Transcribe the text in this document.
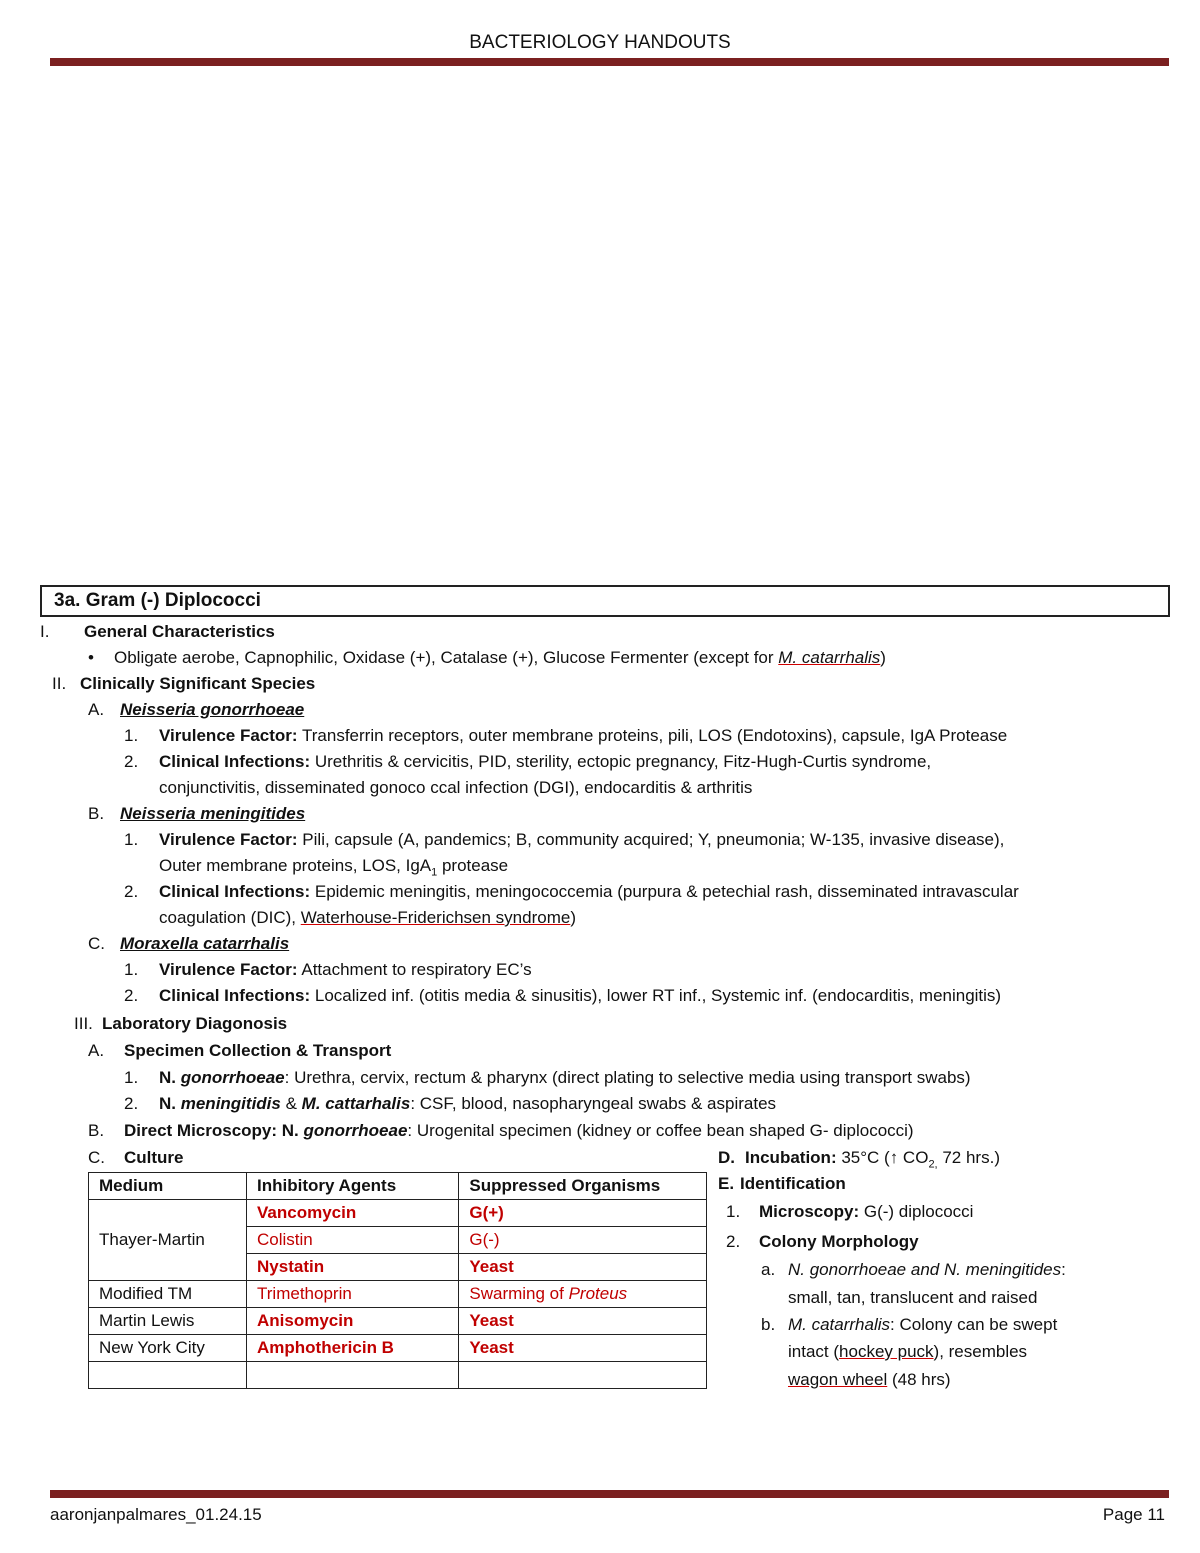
BACTERIOLOGY HANDOUTS
3a. Gram (-) Diplococci
I. General Characteristics
• Obligate aerobe, Capnophilic, Oxidase (+), Catalase (+), Glucose Fermenter (except for M. catarrhalis)
II. Clinically Significant Species
A. Neisseria gonorrhoeae
1. Virulence Factor: Transferrin receptors, outer membrane proteins, pili, LOS (Endotoxins), capsule, IgA Protease
2. Clinical Infections: Urethritis & cervicitis, PID, sterility, ectopic pregnancy, Fitz-Hugh-Curtis syndrome,
conjunctivitis, disseminated gonoco ccal infection (DGI), endocarditis & arthritis
B. Neisseria meningitides
1. Virulence Factor: Pili, capsule (A, pandemics; B, community acquired; Y, pneumonia; W-135, invasive disease),
Outer membrane proteins, LOS, IgA$_1$ protease
2. Clinical Infections: Epidemic meningitis, meningococcemia (purpura & petechial rash, disseminated intravascular
coagulation (DIC), Waterhouse-Friderichsen syndrome)
C. Moraxella catarrhalis
1. Virulence Factor: Attachment to respiratory EC’s
2. Clinical Infections: Localized inf. (otitis media & sinusitis), lower RT inf., Systemic inf. (endocarditis, meningitis)
III. Laboratory Diagonosis
A. Specimen Collection & Transport
1. N. gonorrhoeae: Urethra, cervix, rectum & pharynx (direct plating to selective media using transport swabs)
2. N. meningitidis & M. cattarhalis: CSF, blood, nasopharyngeal swabs & aspirates
B. Direct Microscopy: N. gonorrhoeae: Urogenital specimen (kidney or coffee bean shaped G- diplococci)
C. Culture
Medium	Inhibitory Agents	Suppressed Organisms
Thayer-Martin	Vancomycin	G(+)
	Colistin	G(-)
	Nystatin	Yeast
Modified TM	Trimethoprin	Swarming of Proteus
Martin Lewis	Anisomycin	Yeast
New York City	Amphothericin B	Yeast

D. Incubation: 35°C (↑ $CO_{2,}$ 72 hrs.)
E. Identification
1. Microscopy: G(-) diplococci
2. Colony Morphology
a. N. gonorrhoeae and N. meningitides:
small, tan, translucent and raised
b. M. catarrhalis: Colony can be swept
intact (hockey puck), resembles
wagon wheel (48 hrs)
aaronjanpalmares_01.24.15	Page 11
